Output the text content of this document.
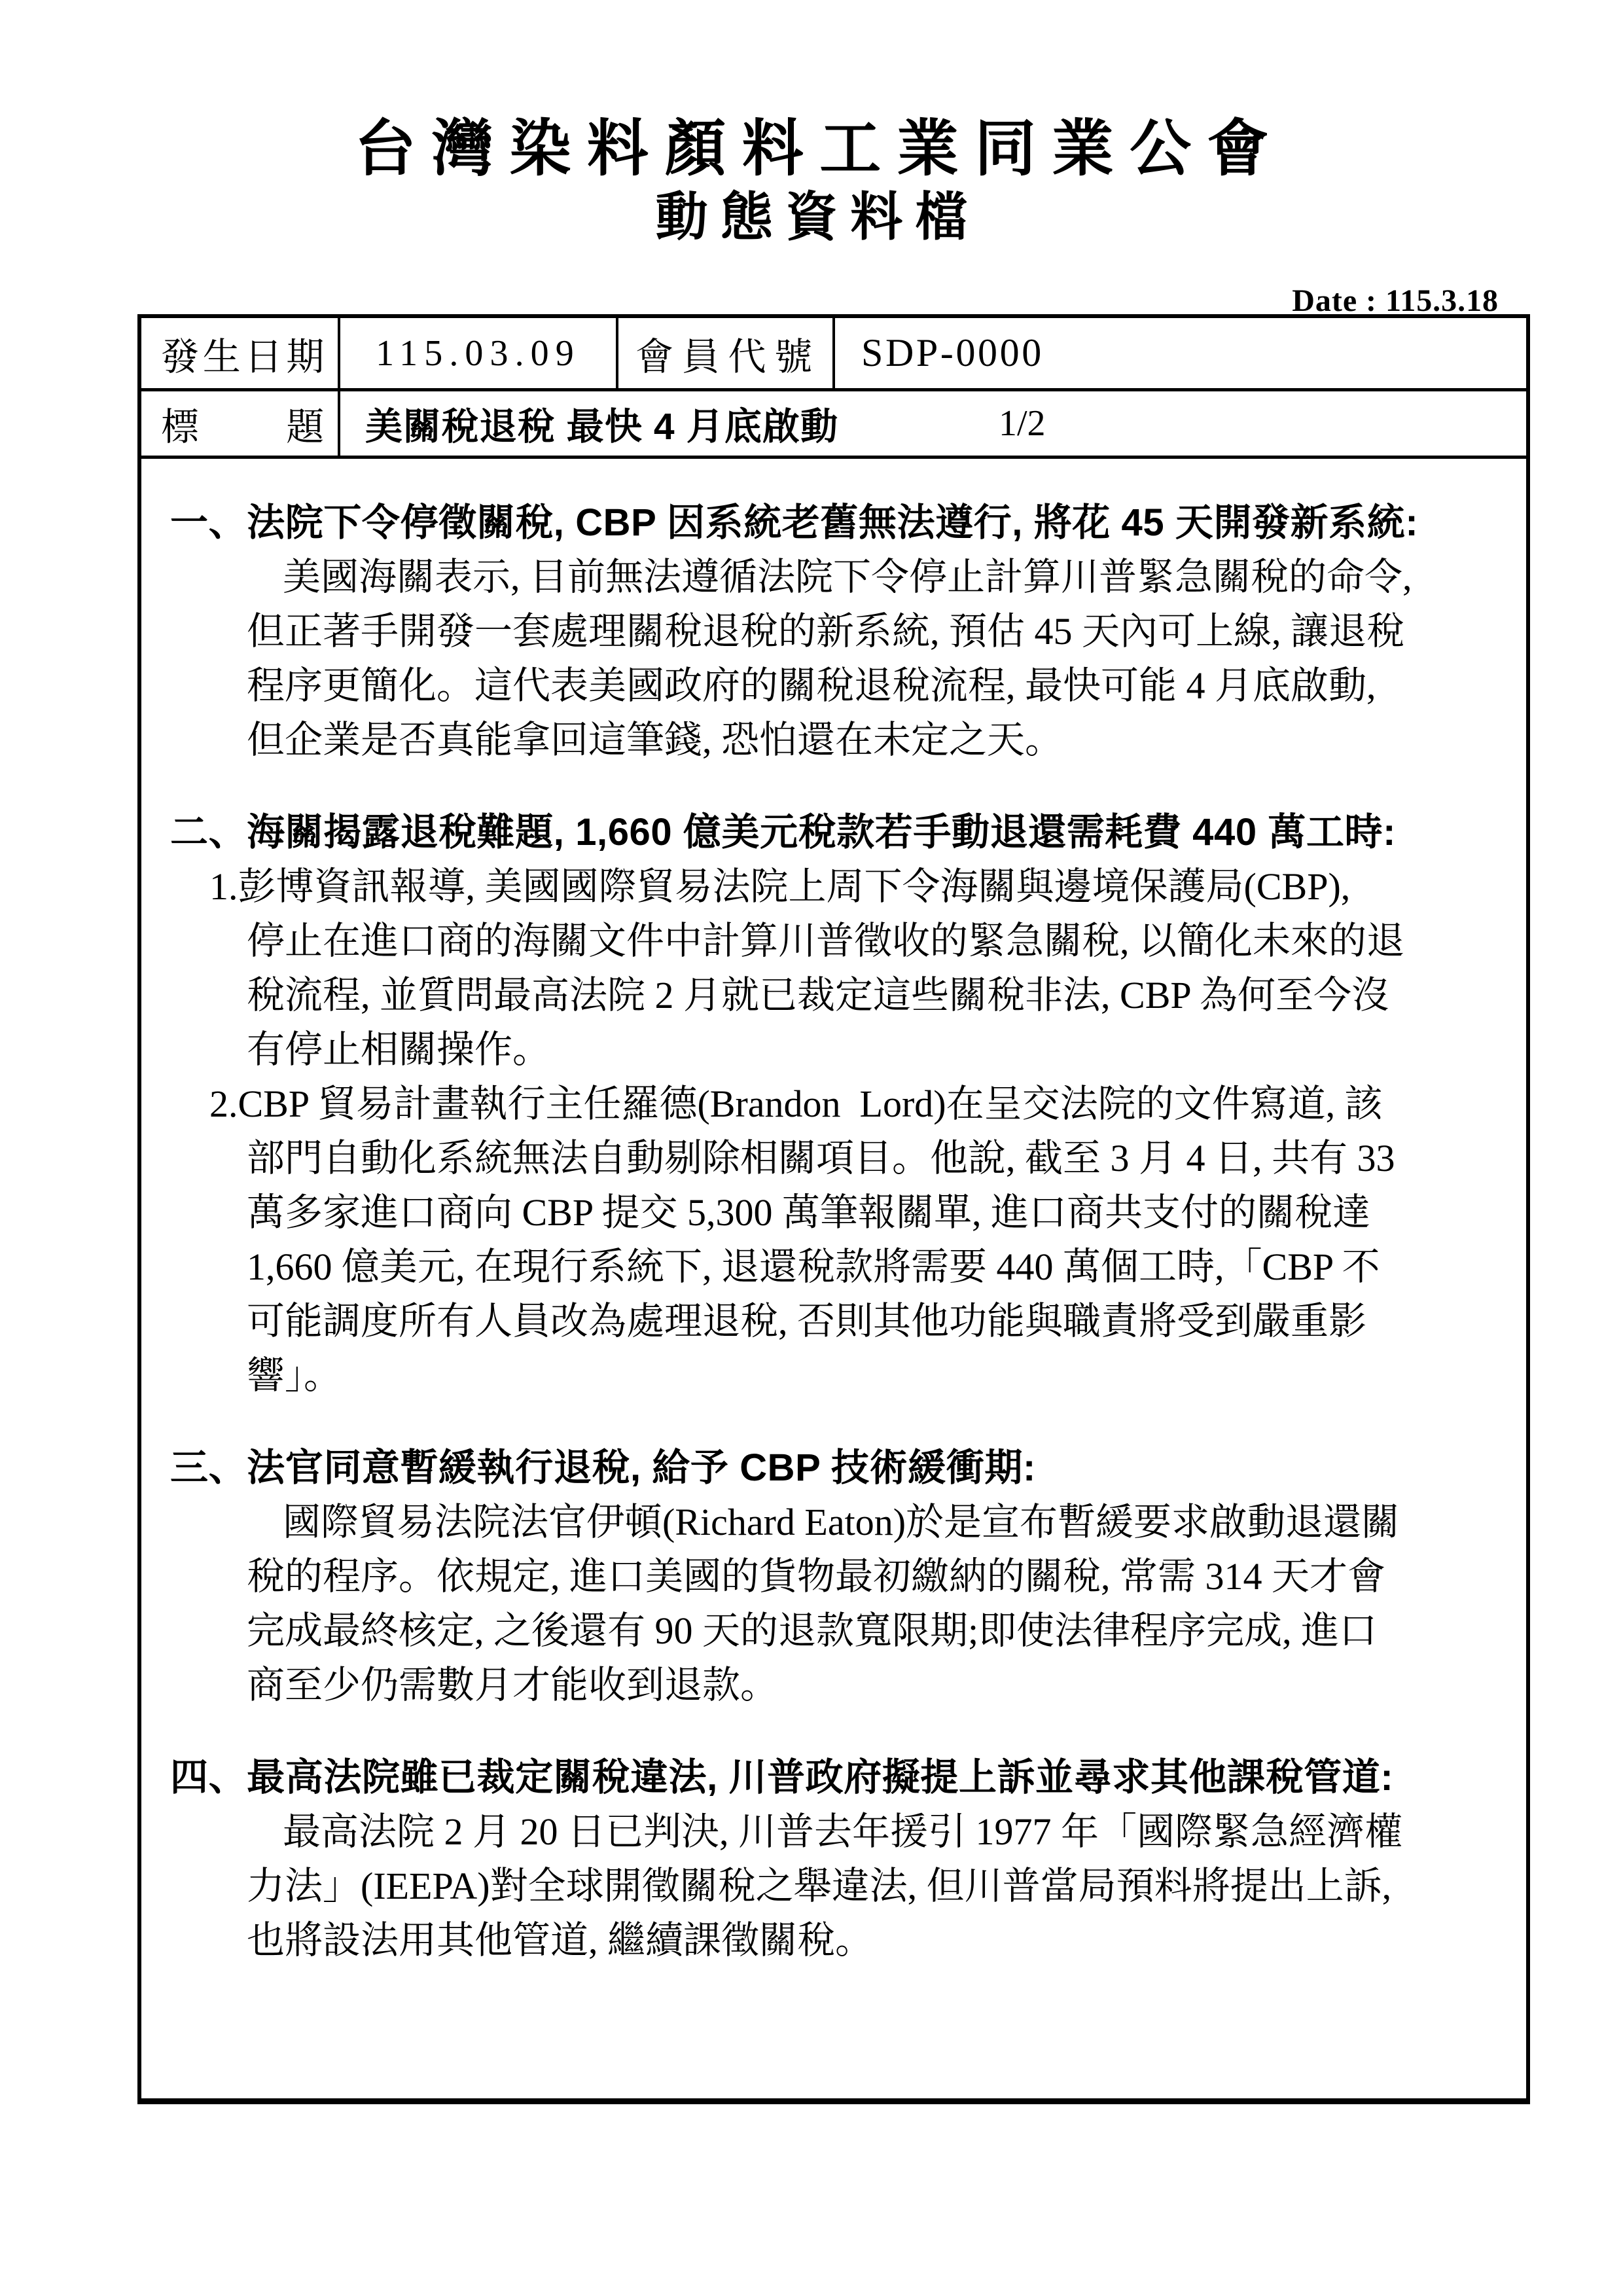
台灣染料顏料工業同業公會
動態資料檔
Date : 115.3.18
發生日期	115.03.09	會員代號	SDP-0000
標　　題 美關稅退稅 最快 4 月底啟動	1/2
一、法院下令停徵關稅, CBP 因系統老舊無法遵行, 將花 45 天開發新系統:
美國海關表示, 目前無法遵循法院下令停止計算川普緊急關稅的命令,
但正著手開發一套處理關稅退稅的新系統, 預估 45 天內可上線, 讓退稅
程序更簡化。這代表美國政府的關稅退稅流程, 最快可能 4 月底啟動,
但企業是否真能拿回這筆錢, 恐怕還在未定之天。
二、海關揭露退稅難題, 1,660 億美元稅款若手動退還需耗費 440 萬工時:
1.彭博資訊報導, 美國國際貿易法院上周下令海關與邊境保護局(CBP),
停止在進口商的海關文件中計算川普徵收的緊急關稅, 以簡化未來的退
稅流程, 並質問最高法院 2 月就已裁定這些關稅非法, CBP 為何至今沒
有停止相關操作。
2.CBP 貿易計畫執行主任羅德(Brandon  Lord)在呈交法院的文件寫道, 該
部門自動化系統無法自動剔除相關項目。他說, 截至 3 月 4 日, 共有 33
萬多家進口商向 CBP 提交 5,300 萬筆報關單, 進口商共支付的關稅達
1,660 億美元, 在現行系統下, 退還稅款將需要 440 萬個工時,「CBP 不
可能調度所有人員改為處理退稅, 否則其他功能與職責將受到嚴重影
響」。
三、法官同意暫緩執行退稅, 給予 CBP 技術緩衝期:
國際貿易法院法官伊頓(Richard Eaton)於是宣布暫緩要求啟動退還關
稅的程序。依規定, 進口美國的貨物最初繳納的關稅, 常需 314 天才會
完成最終核定, 之後還有 90 天的退款寬限期;即使法律程序完成, 進口
商至少仍需數月才能收到退款。
四、最高法院雖已裁定關稅違法, 川普政府擬提上訴並尋求其他課稅管道:
最高法院 2 月 20 日已判決, 川普去年援引 1977 年「國際緊急經濟權
力法」(IEEPA)對全球開徵關稅之舉違法, 但川普當局預料將提出上訴,
也將設法用其他管道, 繼續課徵關稅。
